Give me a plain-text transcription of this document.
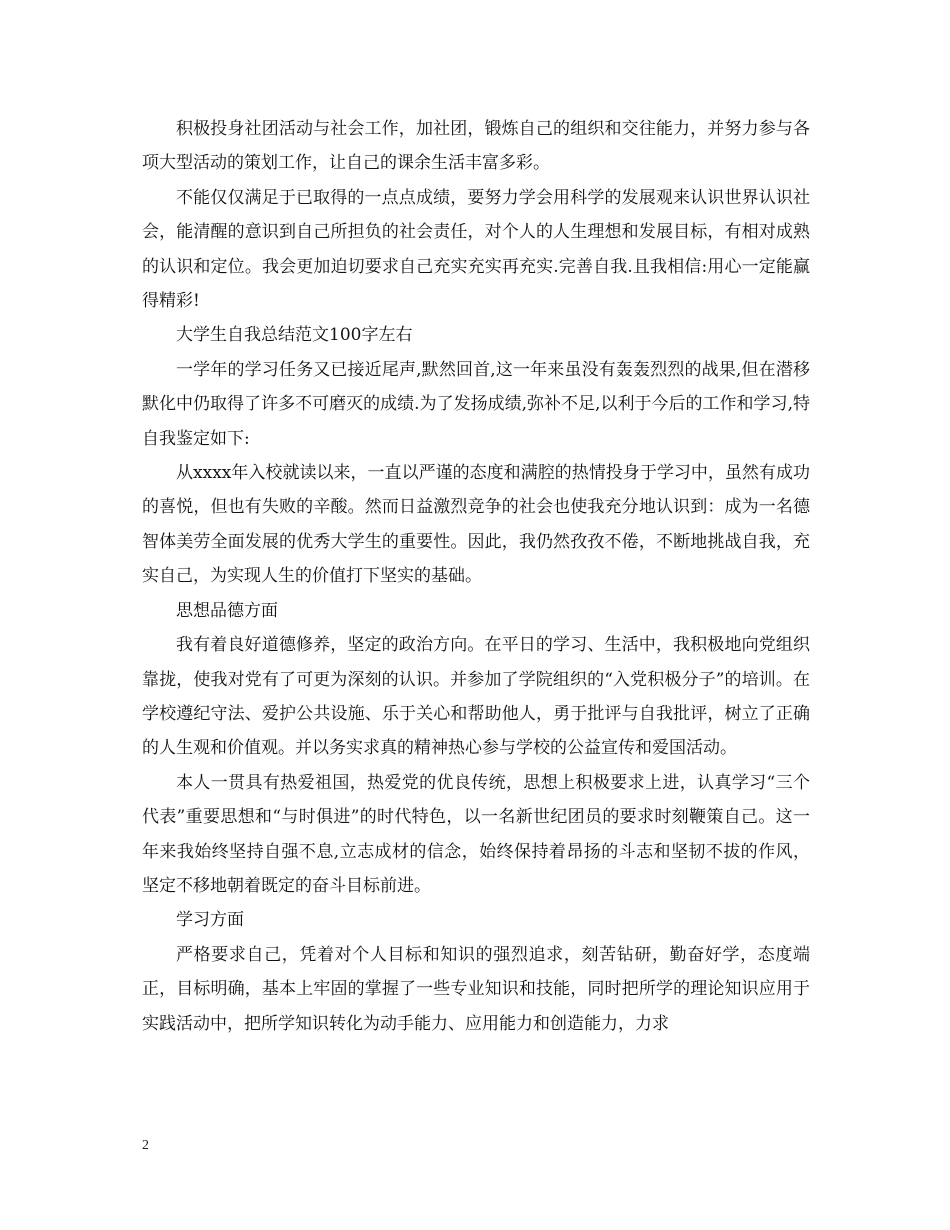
积极投身社团活动与社会工作，加社团，锻炼自己的组织和交往能力，并努力参与各项大型活动的策划工作，让自己的课余生活丰富多彩。

不能仅仅满足于已取得的一点点成绩，要努力学会用科学的发展观来认识世界认识社会，能清醒的意识到自己所担负的社会责任，对个人的人生理想和发展目标，有相对成熟的认识和定位。我会更加迫切要求自己充实充实再充实.完善自我.且我相信:用心一定能赢得精彩!

大学生自我总结范文100字左右

一学年的学习任务又已接近尾声,默然回首,这一年来虽没有轰轰烈烈的战果,但在潜移默化中仍取得了许多不可磨灭的成绩.为了发扬成绩,弥补不足,以利于今后的工作和学习,特自我鉴定如下:

从xxxx年入校就读以来，一直以严谨的态度和满腔的热情投身于学习中，虽然有成功的喜悦，但也有失败的辛酸。然而日益激烈竞争的社会也使我充分地认识到：成为一名德智体美劳全面发展的优秀大学生的重要性。因此，我仍然孜孜不倦，不断地挑战自我，充实自己，为实现人生的价值打下坚实的基础。

思想品德方面

我有着良好道德修养，坚定的政治方向。在平日的学习、生活中，我积极地向党组织靠拢，使我对党有了可更为深刻的认识。并参加了学院组织的“入党积极分子”的培训。在学校遵纪守法、爱护公共设施、乐于关心和帮助他人，勇于批评与自我批评，树立了正确的人生观和价值观。并以务实求真的精神热心参与学校的公益宣传和爱国活动。

本人一贯具有热爱祖国，热爱党的优良传统，思想上积极要求上进，认真学习“三个代表”重要思想和“与时俱进”的时代特色，以一名新世纪团员的要求时刻鞭策自己。这一年来我始终坚持自强不息,立志成材的信念，始终保持着昂扬的斗志和坚韧不拔的作风，坚定不移地朝着既定的奋斗目标前进。

学习方面

严格要求自己，凭着对个人目标和知识的强烈追求，刻苦钻研，勤奋好学，态度端正，目标明确，基本上牢固的掌握了一些专业知识和技能，同时把所学的理论知识应用于实践活动中，把所学知识转化为动手能力、应用能力和创造能力，力求

2
